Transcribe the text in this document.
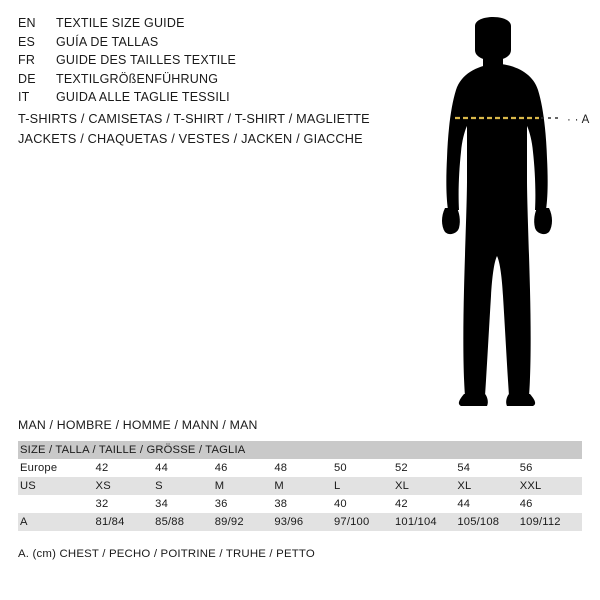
EN	TEXTILE SIZE GUIDE
ES	GUÍA DE TALLAS
FR	GUIDE DES TAILLES TEXTILE
DE	TEXTILGRÖßENFÜHRUNG
IT	GUIDA ALLE TAGLIE TESSILI
T-SHIRTS / CAMISETAS / T-SHIRT / T-SHIRT / MAGLIETTE
JACKETS / CHAQUETAS / VESTES / JACKEN / GIACCHE
· · A
MAN / HOMBRE / HOMME / MANN / MAN
SIZE / TALLA / TAILLE / GRÖSSE / TAGLIA								
Europe	42	44	46	48	50	52	54	56
US	XS	S	M	M	L	XL	XL	XXL
	32	34	36	38	40	42	44	46
A	81/84	85/88	89/92	93/96	97/100	101/104	105/108	109/112
A. (cm) CHEST / PECHO / POITRINE / TRUHE / PETTO
